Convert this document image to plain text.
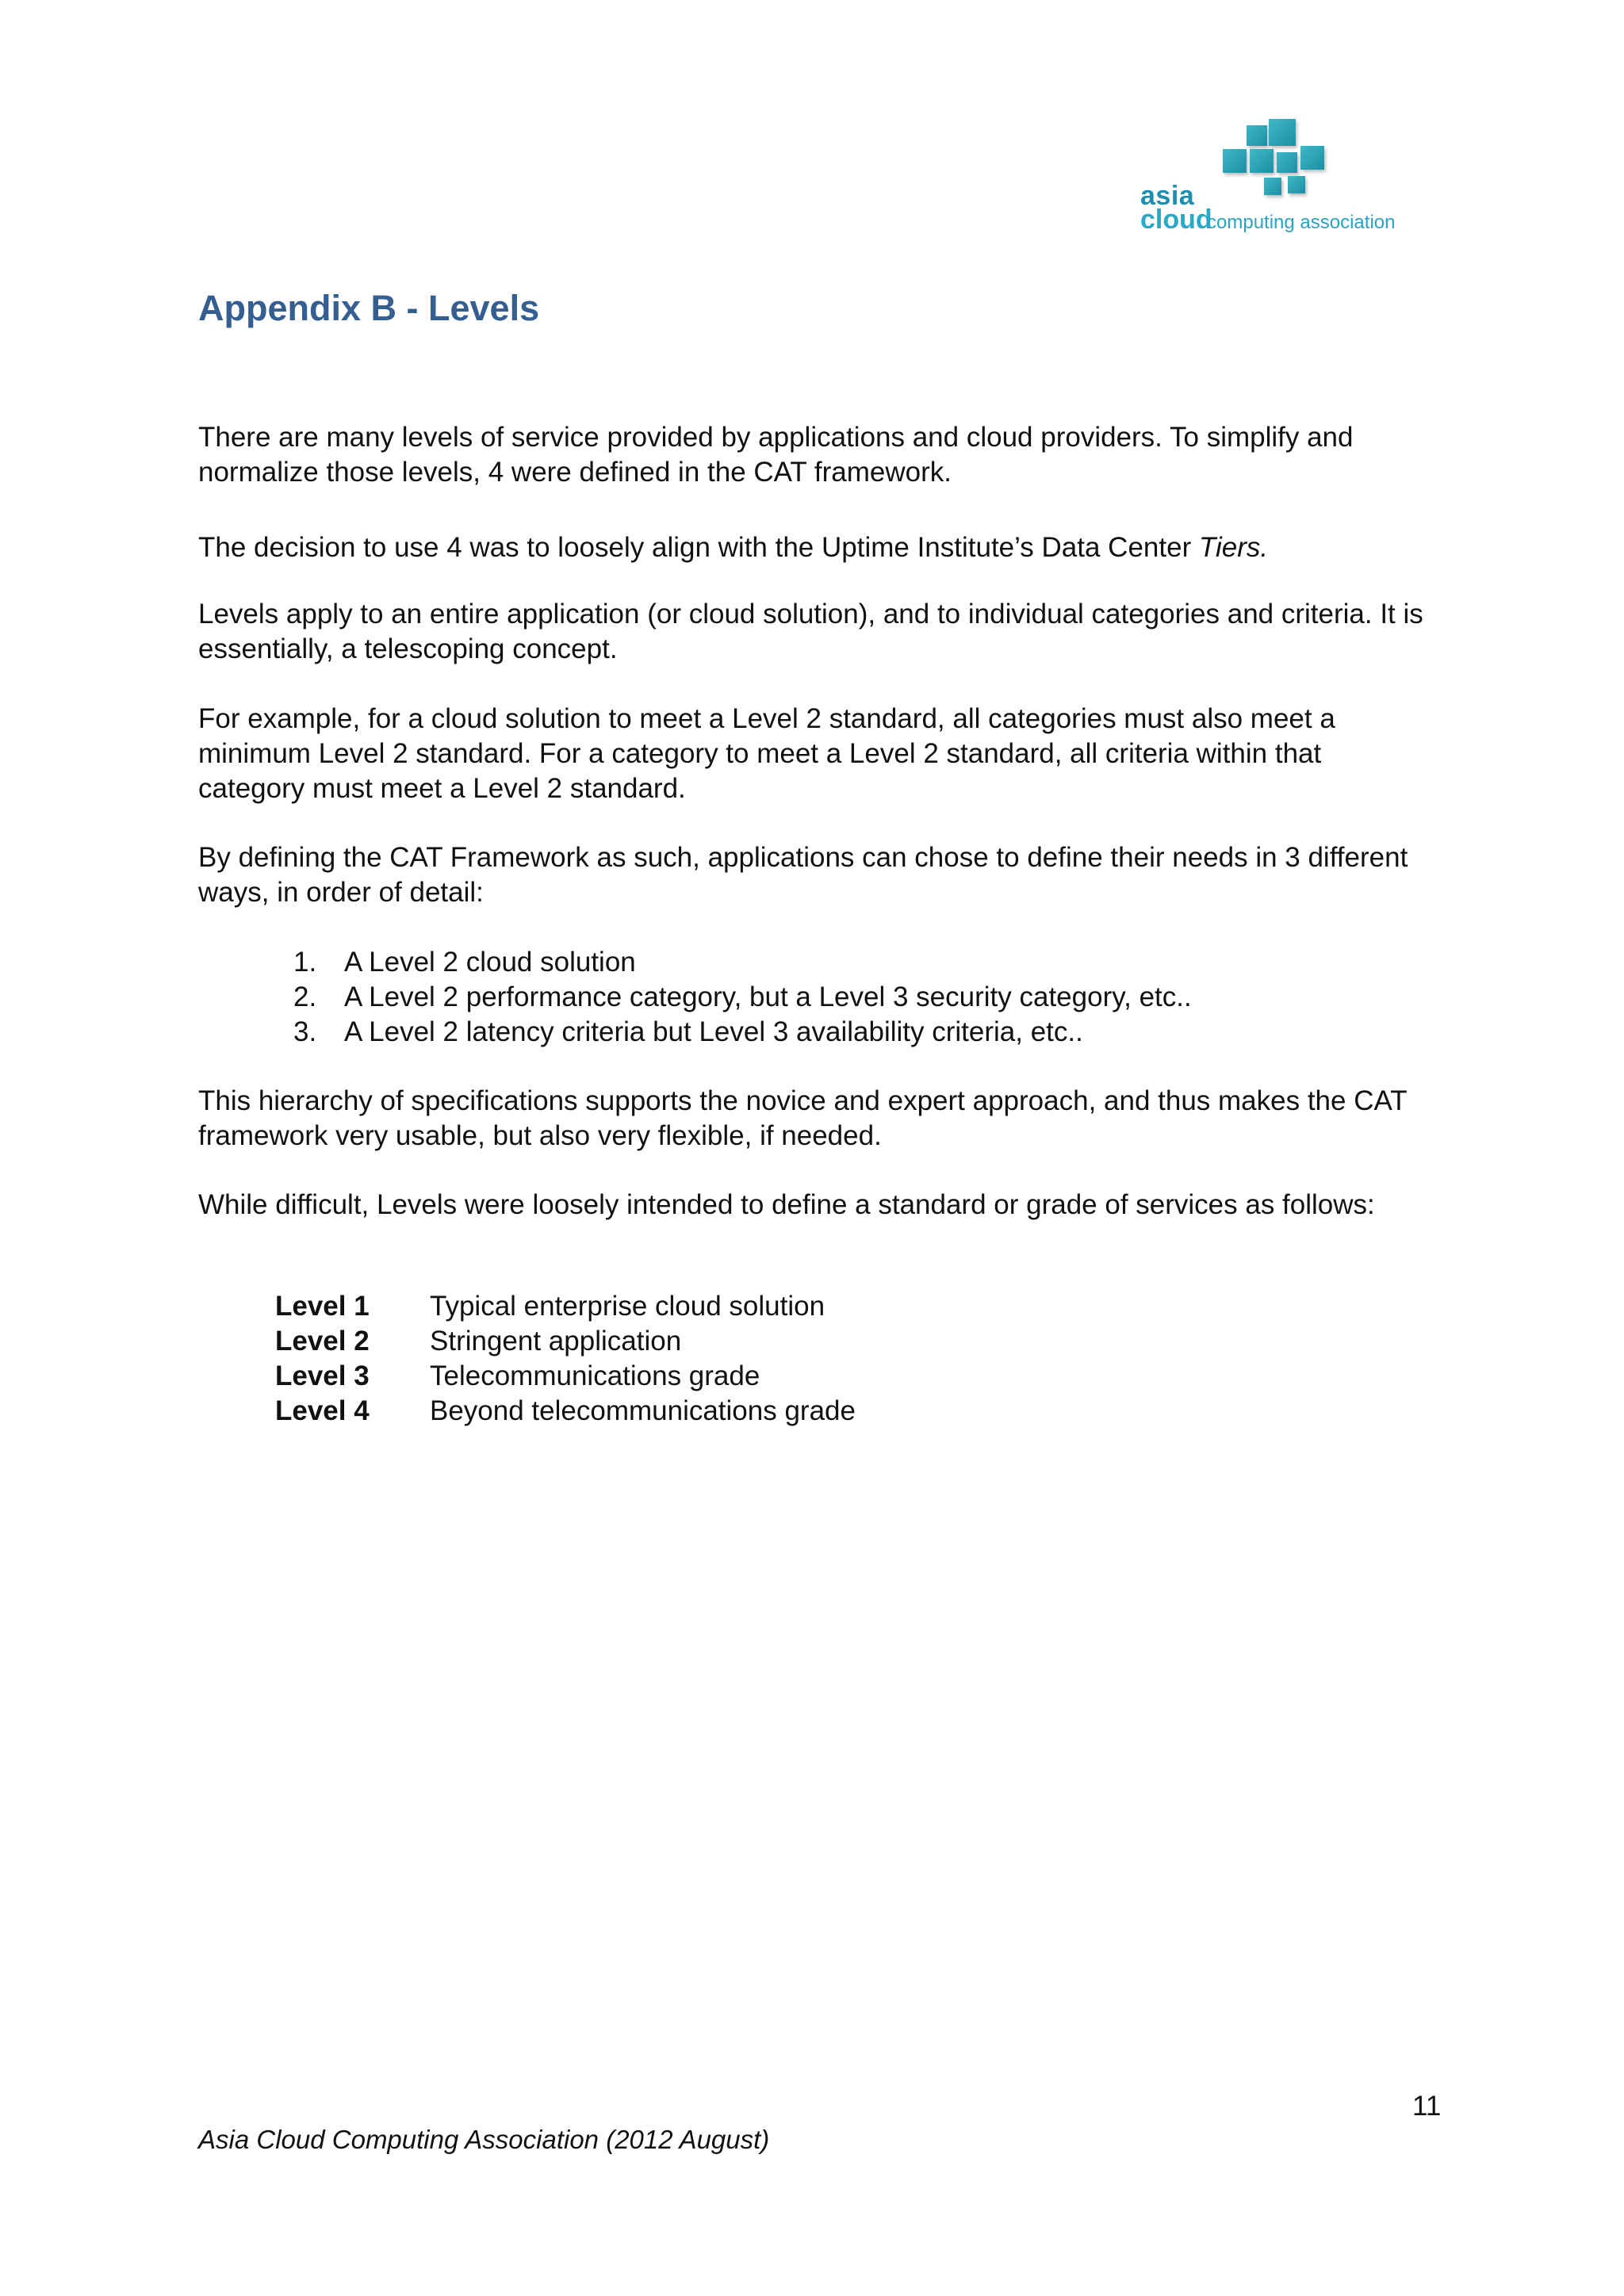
asia
cloud
computing association
Appendix B - Levels

There are many levels of service provided by applications and cloud providers. To simplify and normalize those levels, 4 were defined in the CAT framework.

The decision to use 4 was to loosely align with the Uptime Institute’s Data Center Tiers.

Levels apply to an entire application (or cloud solution), and to individual categories and criteria. It is essentially, a telescoping concept.

For example, for a cloud solution to meet a Level 2 standard, all categories must also meet a minimum Level 2 standard. For a category to meet a Level 2 standard, all criteria within that category must meet a Level 2 standard.

By defining the CAT Framework as such, applications can chose to define their needs in 3 different ways, in order of detail:

1. A Level 2 cloud solution
2. A Level 2 performance category, but a Level 3 security category, etc..
3. A Level 2 latency criteria but Level 3 availability criteria, etc..

This hierarchy of specifications supports the novice and expert approach, and thus makes the CAT framework very usable, but also very flexible, if needed.

While difficult, Levels were loosely intended to define a standard or grade of services as follows:

Level 1	Typical enterprise cloud solution
Level 2	Stringent application
Level 3	Telecommunications grade
Level 4	Beyond telecommunications grade
11
Asia Cloud Computing Association (2012 August)
